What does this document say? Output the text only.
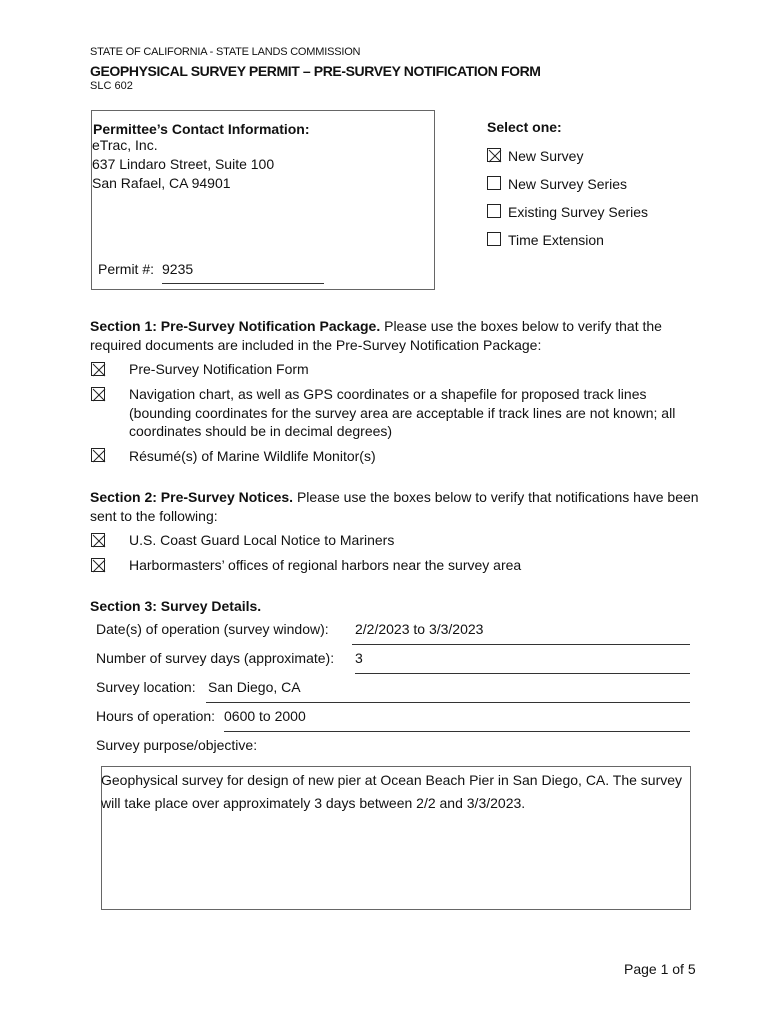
STATE OF CALIFORNIA - STATE LANDS COMMISSION
GEOPHYSICAL SURVEY PERMIT – PRE-SURVEY NOTIFICATION FORM
SLC 602
Permittee’s Contact Information:
eTrac, Inc.
637 Lindaro Street, Suite 100
San Rafael, CA 94901
Permit #: 9235
Select one:
New Survey
New Survey Series
Existing Survey Series
Time Extension
Section 1: Pre-Survey Notification Package. Please use the boxes below to verify that the required documents are included in the Pre-Survey Notification Package:
Pre-Survey Notification Form
Navigation chart, as well as GPS coordinates or a shapefile for proposed track lines (bounding coordinates for the survey area are acceptable if track lines are not known; all coordinates should be in decimal degrees)
Résumé(s) of Marine Wildlife Monitor(s)
Section 2: Pre-Survey Notices. Please use the boxes below to verify that notifications have been sent to the following:
U.S. Coast Guard Local Notice to Mariners
Harbormasters’ offices of regional harbors near the survey area
Section 3: Survey Details.
Date(s) of operation (survey window): 2/2/2023 to 3/3/2023
Number of survey days (approximate): 3
Survey location: San Diego, CA
Hours of operation: 0600 to 2000
Survey purpose/objective:
Geophysical survey for design of new pier at Ocean Beach Pier in San Diego, CA. The survey will take place over approximately 3 days between 2/2 and 3/3/2023.
Page 1 of 5
